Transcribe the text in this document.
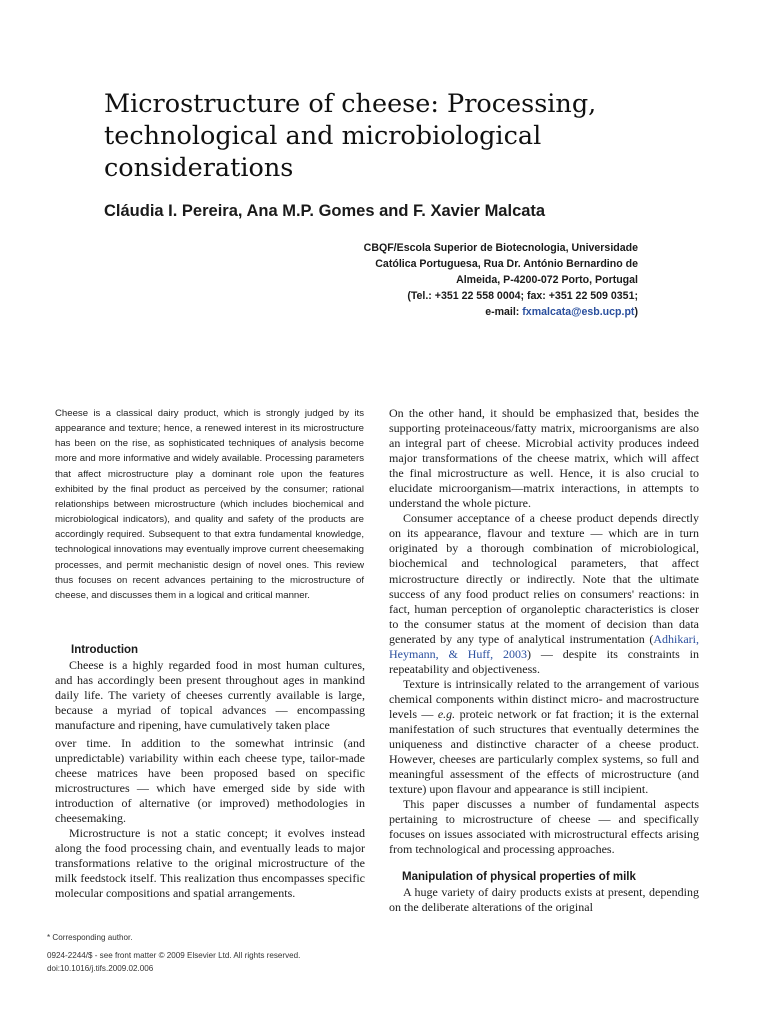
Microstructure of cheese: Processing,
technological and microbiological
considerations
Cláudia I. Pereira, Ana M.P. Gomes and F. Xavier Malcata
CBQF/Escola Superior de Biotecnologia, Universidade
Católica Portuguesa, Rua Dr. António Bernardino de
Almeida, P-4200-072 Porto, Portugal
(Tel.: +351 22 558 0004; fax: +351 22 509 0351;
e-mail: fxmalcata@esb.ucp.pt)

Cheese is a classical dairy product, which is strongly judged by its appearance and texture; hence, a renewed interest in its microstructure has been on the rise, as sophisticated techniques of analysis become more and more informative and widely available. Processing parameters that affect microstructure play a dominant role upon the features exhibited by the final product as perceived by the consumer; rational relationships between microstructure (which includes biochemical and microbiological indicators), and quality and safety of the products are accordingly required. Subsequent to that extra fundamental knowledge, technological innovations may eventually improve current cheesemaking processes, and permit mechanistic design of novel ones. This review thus focuses on recent advances pertaining to the microstructure of cheese, and discusses them in a logical and critical manner.

Introduction

Cheese is a highly regarded food in most human cultures, and has accordingly been present throughout ages in mankind daily life. The variety of cheeses currently available is large, because a myriad of topical advances — encompassing manufacture and ripening, have cumulatively taken place

over time. In addition to the somewhat intrinsic (and unpredictable) variability within each cheese type, tailor-made cheese matrices have been proposed based on specific microstructures — which have emerged side by side with introduction of alternative (or improved) methodologies in cheesemaking.

Microstructure is not a static concept; it evolves instead along the food processing chain, and eventually leads to major transformations relative to the original microstructure of the milk feedstock itself. This realization thus encompasses specific molecular compositions and spatial arrangements.

On the other hand, it should be emphasized that, besides the supporting proteinaceous/fatty matrix, microorganisms are also an integral part of cheese. Microbial activity produces indeed major transformations of the cheese matrix, which will affect the final microstructure as well. Hence, it is also crucial to elucidate microorganism—matrix interactions, in attempts to understand the whole picture.

Consumer acceptance of a cheese product depends directly on its appearance, flavour and texture — which are in turn originated by a thorough combination of microbiological, biochemical and technological parameters, that affect microstructure directly or indirectly. Note that the ultimate success of any food product relies on consumers' reactions: in fact, human perception of organoleptic characteristics is closer to the consumer status at the moment of decision than data generated by any type of analytical instrumentation (Adhikari, Heymann, & Huff, 2003) — despite its constraints in repeatability and objectiveness.

Texture is intrinsically related to the arrangement of various chemical components within distinct micro- and macrostructure levels — e.g. proteic network or fat fraction; it is the external manifestation of such structures that eventually determines the uniqueness and distinctive character of a cheese product. However, cheeses are particularly complex systems, so full and meaningful assessment of the effects of microstructure (and texture) upon flavour and appearance is still incipient.

This paper discusses a number of fundamental aspects pertaining to microstructure of cheese — and specifically focuses on issues associated with microstructural effects arising from technological and processing approaches.

Manipulation of physical properties of milk

A huge variety of dairy products exists at present, depending on the deliberate alterations of the original

* Corresponding author.
0924-2244/$ - see front matter © 2009 Elsevier Ltd. All rights reserved.
doi:10.1016/j.tifs.2009.02.006
